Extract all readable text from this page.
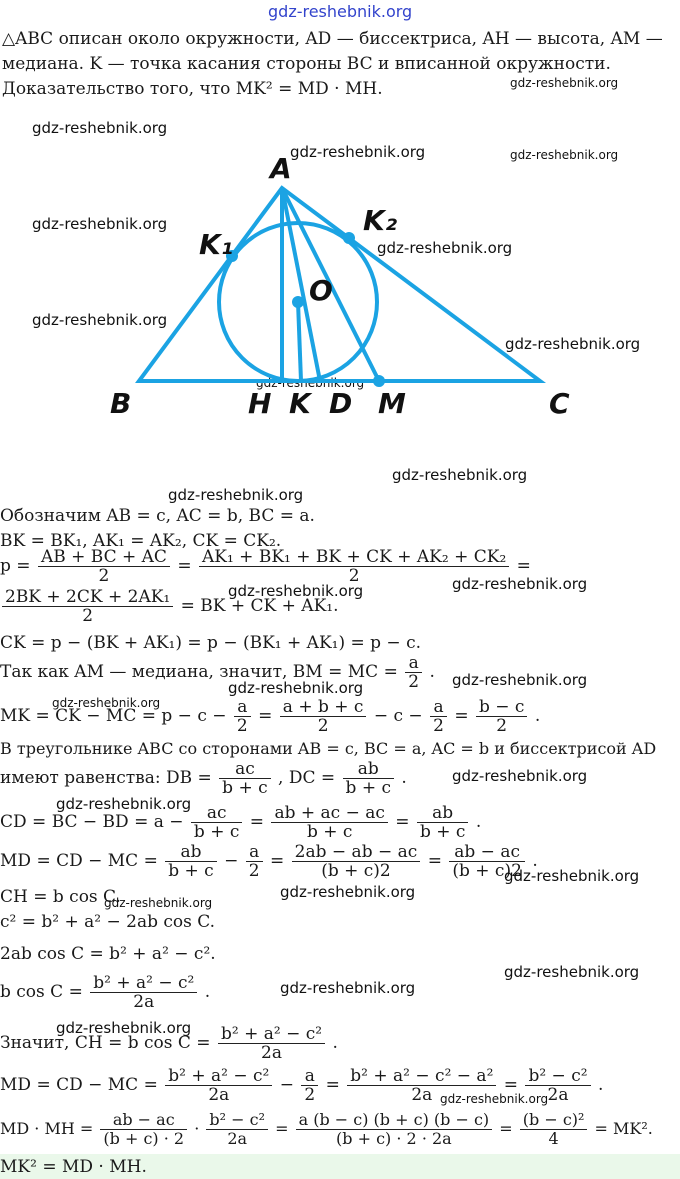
gdz-reshebnik.org
△ABC описан около окружности, AD — биссектриса, AH — высота, AM —
медиана. K — точка касания стороны BC и вписанной окружности.
Доказательство того, что MK² = MD · MH.	gdz-reshebnik.org
gdz-reshebnik.org
gdz-reshebnik.org	gdz-reshebnik.org
gdz-reshebnik.org
gdz-reshebnik.org
gdz-reshebnik.org
gdz-reshebnik.org
gdz-reshebnik.org
A
B	C
H K D M
O
K₁
K₂
gdz-reshebnik.org
gdz-reshebnik.org
Обозначим AB = c, AC = b, BC = a.
BK = BK₁, AK₁ = AK₂, CK = CK₂.
$p = \frac{AB + BC + AC}{2} = \frac{\text{AK₁ + BK₁ + BK + CK + AK₂ + CK₂}}{2}$ =
gdz-reshebnik.org
gdz-reshebnik.org
$\frac{\text{2BK + 2CK + 2AK₁}}{2}$ = BK + CK + AK₁.
CK = p − (BK + AK₁) = p − (BK₁ + AK₁) = p − c.
Так как AM — медиана, значит, BM = MC = $\frac{a}{2}$ . gdz-reshebnik.org
gdz-reshebnik.org
gdz-reshebnik.org
MK = CK − MC = $p - c - \frac{a}{2} = \frac{a + b + c}{2} - c - \frac{a}{2} = \frac{b - c}{2}$ .
В треугольнике ABC со сторонами AB = c, BC = a, AC = b и биссектрисой AD
имеют равенства: DB = $\frac{ac}{b + c}$ , DC = $\frac{ab}{b + c}$ .	gdz-reshebnik.org
gdz-reshebnik.org
CD = BC − BD = $a - \frac{ac}{b + c} = \frac{ab + ac - ac}{b + c} = \frac{ab}{b + c}$ .
MD = CD − MC = $\frac{ab}{b + c} - \frac{a}{2} = \frac{2ab - ab - ac}{(b + c)2} = \frac{ab - ac}{(b + c)2}$ .
gdz-reshebnik.org
gdz-reshebnik.org
CH = b cos C.
gdz-reshebnik.org
c² = b² + a² − 2ab cos C.
2ab cos C = b² + a² − c².
gdz-reshebnik.org
b $\cos C = \frac{\text{b² + a² − c²}}{2a}$ .	gdz-reshebnik.org
gdz-reshebnik.org
Значит, CH = b $\cos C = \frac{\text{b² + a² − c²}}{2a}$ .
MD = CD − MC = $\frac{\text{b² + a² − c²}}{2a} - \frac{a}{2} = \frac{\text{b² + a² − c² − a²}}{2a} = \frac{\text{b² − c²}}{2a}$ .
gdz-reshebnik.org
MD · MH = $\frac{ab - ac}{(b + c) \cdot 2} \cdot \frac{\text{b² − c²}}{2a} = \frac{a (b - c) (b + c) (b - c)}{(b + c) \cdot 2 \cdot 2a} = \frac{\text{(b − c)²}}{4} = MK^2$.
MK² = MD · MH.
